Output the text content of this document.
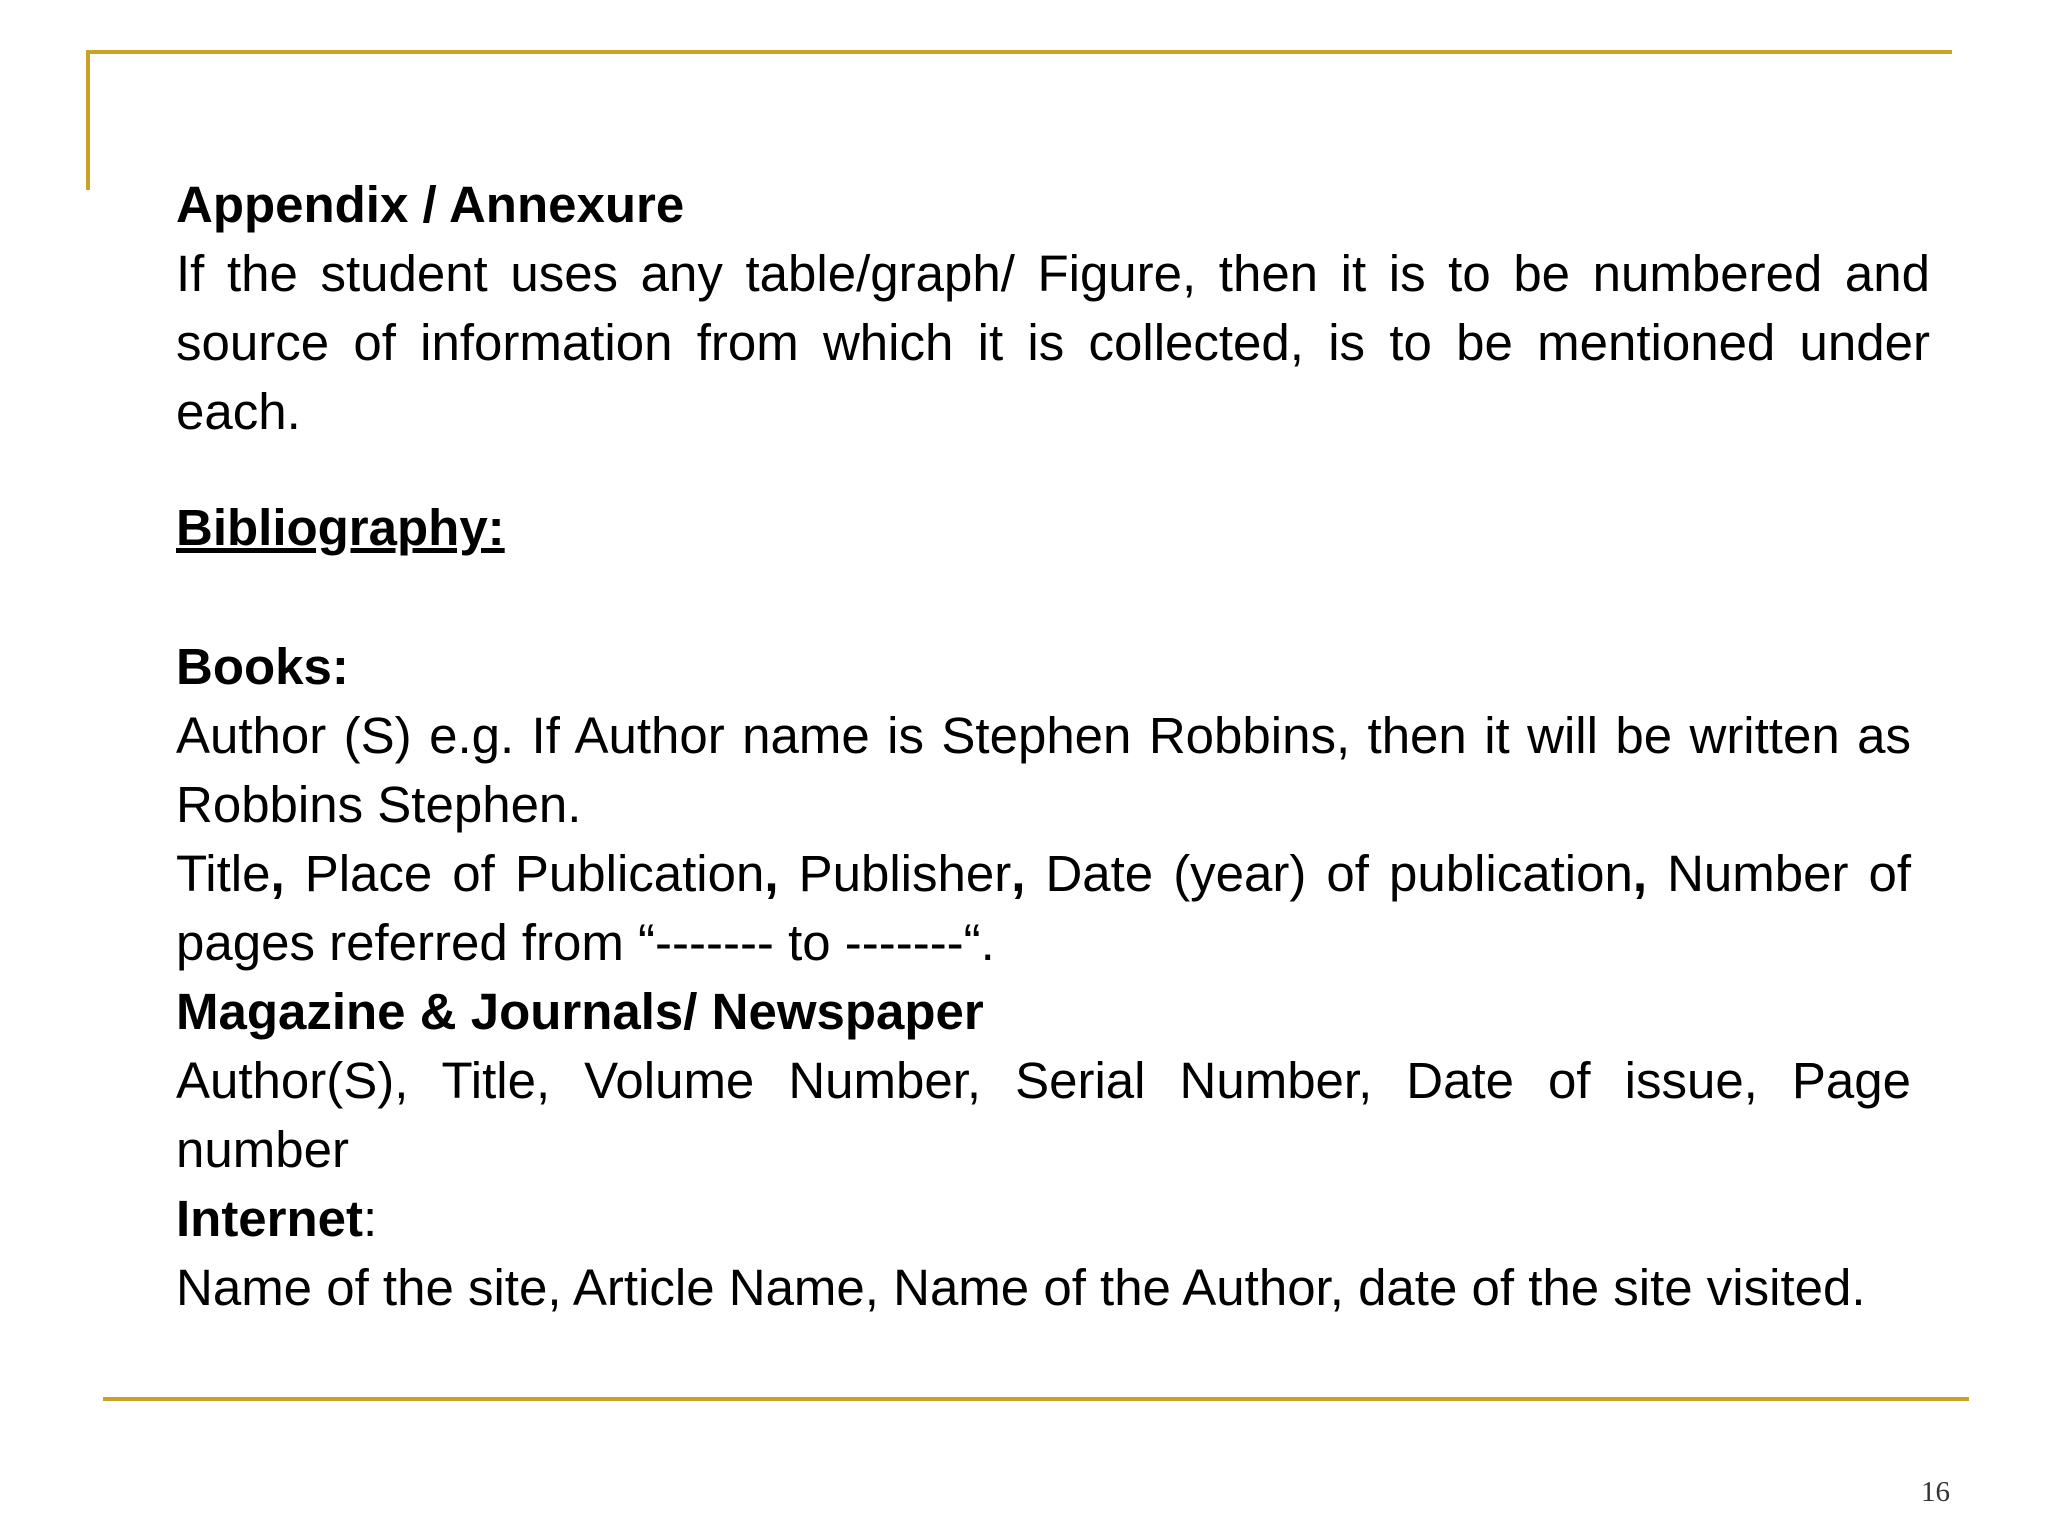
Appendix / Annexure

If the student uses any table/graph/ Figure, then it is to be numbered and source of information from which it is collected, is to be mentioned under each.

Bibliography:
Books:

Author (S) e.g. If Author name is Stephen Robbins, then it will be written as Robbins Stephen.

Title, Place of Publication, Publisher, Date (year) of publication, Number of pages referred from “------- to -------“.

Magazine & Journals/ Newspaper

Author(S), Title, Volume Number, Serial Number, Date of issue, Page number

Internet:

Name of the site, Article Name, Name of the Author, date of the site visited.

16
